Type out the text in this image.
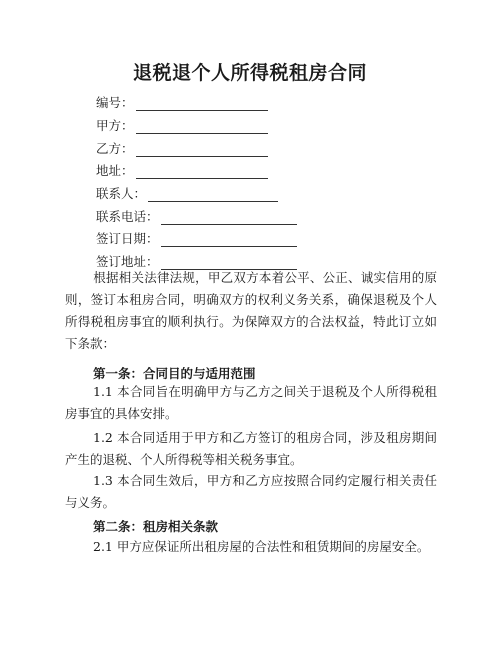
退税退个人所得税租房合同
编号：
甲方：
乙方：
地址：
联系人：
联系电话：
签订日期：
签订地址：
根据相关法律法规，甲乙双方本着公平、公正、诚实信用的原则，签订本租房合同，明确双方的权利义务关系，确保退税及个人所得税租房事宜的顺利执行。为保障双方的合法权益，特此订立如下条款：
第一条：合同目的与适用范围
1.1 本合同旨在明确甲方与乙方之间关于退税及个人所得税租房事宜的具体安排。
1.2 本合同适用于甲方和乙方签订的租房合同，涉及租房期间产生的退税、个人所得税等相关税务事宜。
1.3 本合同生效后，甲方和乙方应按照合同约定履行相关责任与义务。
第二条：租房相关条款
2.1 甲方应保证所出租房屋的合法性和租赁期间的房屋安全。
